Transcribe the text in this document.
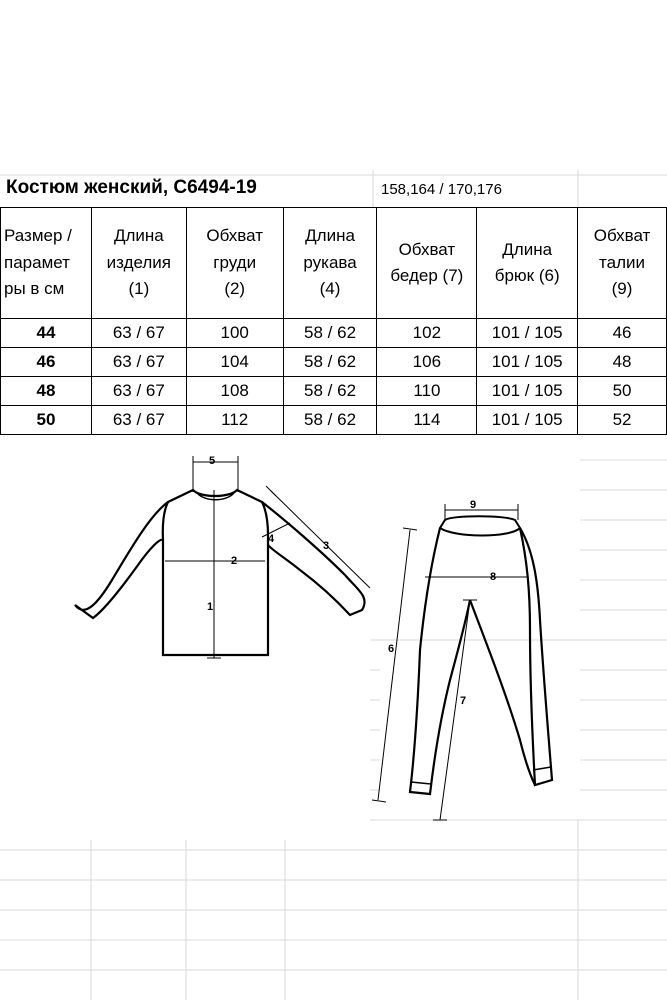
Костюм женский, С6494-19	158,164 / 170,176
Размер /
парамет
ры в см	Длина
изделия
(1)	Обхват
груди
(2)	Длина
рукава
(4)	Обхват
бедер (7)	Длина
брюк (6)	Обхват
талии
(9)
44	63 / 67	100	58 / 62	102	101 / 105	46
46	63 / 67	104	58 / 62	106	101 / 105	48
48	63 / 67	108	58 / 62	110	101 / 105	50
50	63 / 67	112	58 / 62	114	101 / 105	52
5
2
1
4
3
9
8
6
7
